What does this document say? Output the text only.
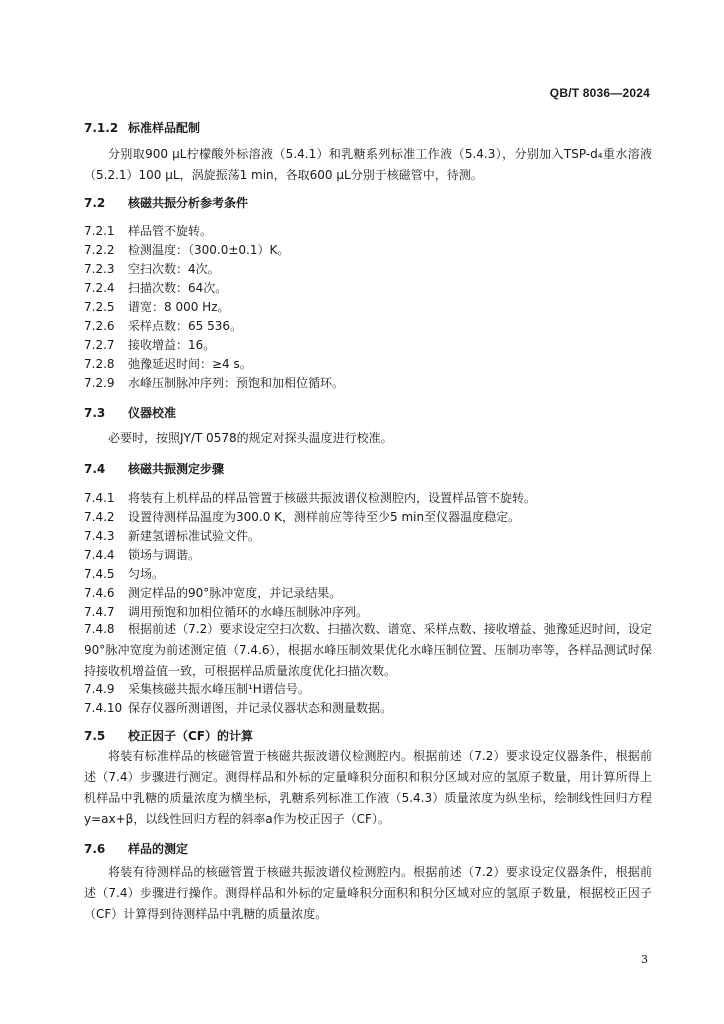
QB/T 8036—2024
7.1.2 标准样品配制
分别取900 μL柠檬酸外标溶液（5.4.1）和乳糖系列标准工作液（5.4.3），分别加入TSP-d₄重水溶液（5.2.1）100 μL，涡旋振荡1 min，各取600 μL分别于核磁管中，待测。
7.2 核磁共振分析参考条件
7.2.1 样品管不旋转。
7.2.2 检测温度：（300.0±0.1）K。
7.2.3 空扫次数：4次。
7.2.4 扫描次数：64次。
7.2.5 谱宽：8 000 Hz。
7.2.6 采样点数：65 536。
7.2.7 接收增益：16。
7.2.8 弛豫延迟时间：≥4 s。
7.2.9 水峰压制脉冲序列：预饱和加相位循环。
7.3 仪器校准
必要时，按照JY/T 0578的规定对探头温度进行校准。
7.4 核磁共振测定步骤
7.4.1 将装有上机样品的样品管置于核磁共振波谱仪检测腔内，设置样品管不旋转。
7.4.2 设置待测样品温度为300.0 K，测样前应等待至少5 min至仪器温度稳定。
7.4.3 新建氢谱标准试验文件。
7.4.4 锁场与调谐。
7.4.5 匀场。
7.4.6 测定样品的90°脉冲宽度，并记录结果。
7.4.7 调用预饱和加相位循环的水峰压制脉冲序列。
7.4.8 根据前述（7.2）要求设定空扫次数、扫描次数、谱宽、采样点数、接收增益、弛豫延迟时间，设定90°脉冲宽度为前述测定值（7.4.6），根据水峰压制效果优化水峰压制位置、压制功率等，各样品测试时保持接收机增益值一致，可根据样品质量浓度优化扫描次数。
7.4.9 采集核磁共振水峰压制¹H谱信号。
7.4.10 保存仪器所测谱图，并记录仪器状态和测量数据。
7.5 校正因子（CF）的计算
将装有标准样品的核磁管置于核磁共振波谱仪检测腔内。根据前述（7.2）要求设定仪器条件，根据前述（7.4）步骤进行测定。测得样品和外标的定量峰积分面积和积分区域对应的氢原子数量，用计算所得上机样品中乳糖的质量浓度为横坐标，乳糖系列标准工作液（5.4.3）质量浓度为纵坐标，绘制线性回归方程y=ax+β，以线性回归方程的斜率a作为校正因子（CF）。
7.6 样品的测定
将装有待测样品的核磁管置于核磁共振波谱仪检测腔内。根据前述（7.2）要求设定仪器条件，根据前述（7.4）步骤进行操作。测得样品和外标的定量峰积分面积和积分区域对应的氢原子数量，根据校正因子（CF）计算得到待测样品中乳糖的质量浓度。
3
